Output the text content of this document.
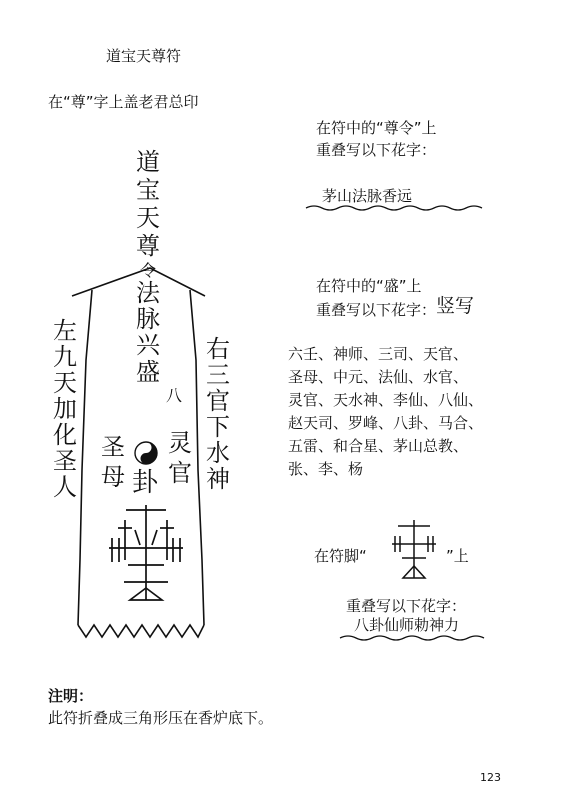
道宝天尊符
在“尊”字上盖老君总印
道
宝
天
尊
令
法
脉
兴
盛
八
左
九
天
加
化
圣
人
右
三
官
下
水
神
圣
母 卦
灵
官
在符中的“尊令”上
重叠写以下花字：
茅山法脉香远
在符中的“盛”上
重叠写以下花字： 竖写
六壬、神师、三司、天官、
圣母、中元、法仙、水官、
灵官、天水神、李仙、八仙、
赵天司、罗峰、八卦、马合、
五雷、和合星、茅山总教、
张、李、杨
在符脚“	”上
重叠写以下花字：
八卦仙师勅神力
注明：
此符折叠成三角形压在香炉底下。
123
